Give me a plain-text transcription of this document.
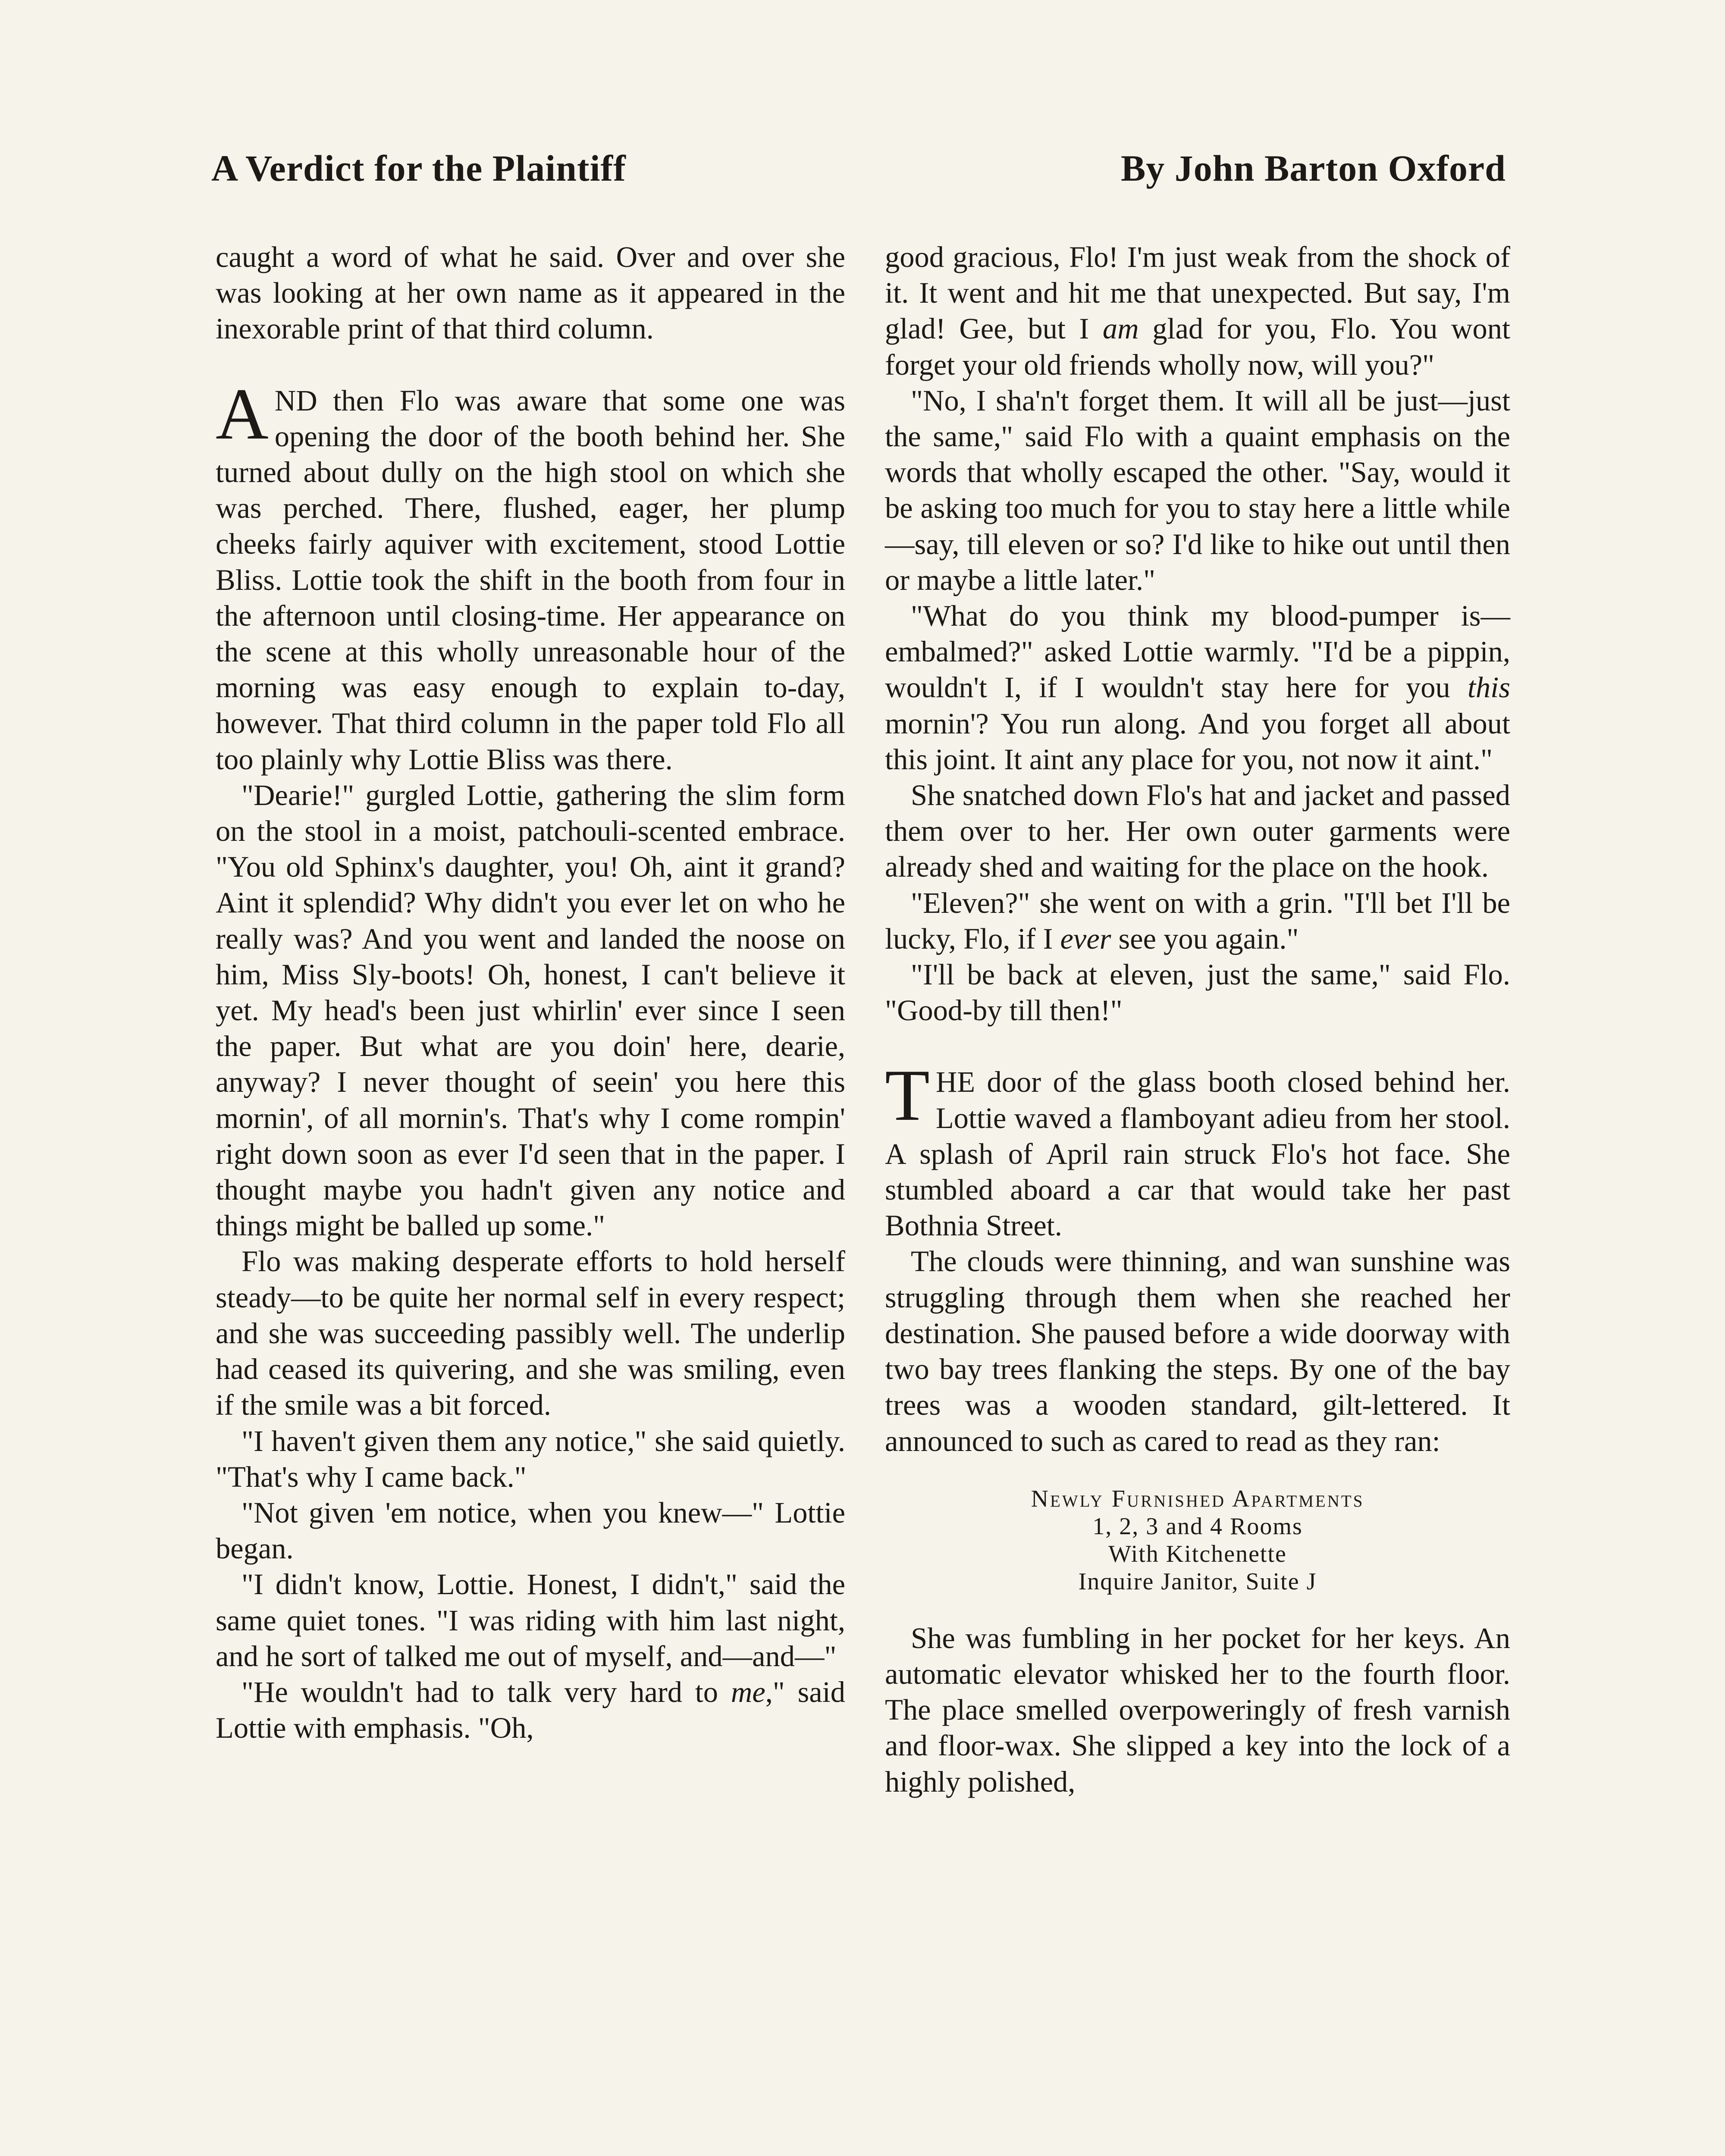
A Verdict for the Plaintiff	By John Barton Oxford

caught a word of what he said. Over and over she was looking at her own name as it appeared in the inexorable print of that third column.

AND then Flo was aware that some one was opening the door of the booth behind her. She turned about dully on the high stool on which she was perched. There, flushed, eager, her plump cheeks fairly aquiver with excitement, stood Lottie Bliss. Lottie took the shift in the booth from four in the afternoon until closing-time. Her appearance on the scene at this wholly unreasonable hour of the morning was easy enough to explain to-day, however. That third column in the paper told Flo all too plainly why Lottie Bliss was there.

"Dearie!" gurgled Lottie, gathering the slim form on the stool in a moist, patchouli-scented embrace. "You old Sphinx's daughter, you! Oh, aint it grand? Aint it splendid? Why didn't you ever let on who he really was? And you went and landed the noose on him, Miss Sly-boots! Oh, honest, I can't believe it yet. My head's been just whirlin' ever since I seen the paper. But what are you doin' here, dearie, anyway? I never thought of seein' you here this mornin', of all mornin's. That's why I come rompin' right down soon as ever I'd seen that in the paper. I thought maybe you hadn't given any notice and things might be balled up some."

Flo was making desperate efforts to hold herself steady—to be quite her normal self in every respect; and she was succeeding passibly well. The underlip had ceased its quivering, and she was smiling, even if the smile was a bit forced.

"I haven't given them any notice," she said quietly. "That's why I came back."

"Not given 'em notice, when you knew—" Lottie began.

"I didn't know, Lottie. Honest, I didn't," said the same quiet tones. "I was riding with him last night, and he sort of talked me out of myself, and—and—"

"He wouldn't had to talk very hard to me," said Lottie with emphasis. "Oh,

good gracious, Flo! I'm just weak from the shock of it. It went and hit me that unexpected. But say, I'm glad! Gee, but I am glad for you, Flo. You wont forget your old friends wholly now, will you?"

"No, I sha'n't forget them. It will all be just—just the same," said Flo with a quaint emphasis on the words that wholly escaped the other. "Say, would it be asking too much for you to stay here a little while—say, till eleven or so? I'd like to hike out until then or maybe a little later."

"What do you think my blood-pumper is—embalmed?" asked Lottie warmly. "I'd be a pippin, wouldn't I, if I wouldn't stay here for you this mornin'? You run along. And you forget all about this joint. It aint any place for you, not now it aint."

She snatched down Flo's hat and jacket and passed them over to her. Her own outer garments were already shed and waiting for the place on the hook.

"Eleven?" she went on with a grin. "I'll bet I'll be lucky, Flo, if I ever see you again."

"I'll be back at eleven, just the same," said Flo. "Good-by till then!"

THE door of the glass booth closed behind her. Lottie waved a flamboyant adieu from her stool. A splash of April rain struck Flo's hot face. She stumbled aboard a car that would take her past Bothnia Street.

The clouds were thinning, and wan sunshine was struggling through them when she reached her destination. She paused before a wide doorway with two bay trees flanking the steps. By one of the bay trees was a wooden standard, gilt-lettered. It announced to such as cared to read as they ran:

Newly Furnished Apartments
1, 2, 3 and 4 Rooms
With Kitchenette
Inquire Janitor, Suite J

She was fumbling in her pocket for her keys. An automatic elevator whisked her to the fourth floor. The place smelled overpoweringly of fresh varnish and floor-wax. She slipped a key into the lock of a highly polished,
